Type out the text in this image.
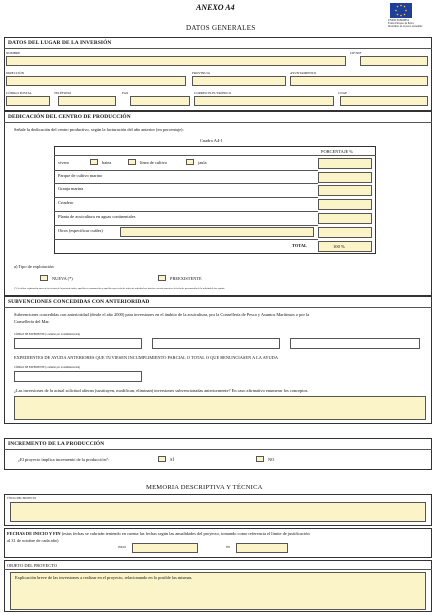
ANEXO A4
DATOS GENERALES
UNIÓN EUROPEA
Fondo Europeo de Pesca
Invertimos en la pesca sostenible
DATOS DEL LUGAR DE LA INVERSIÓN
NOMBRE	CIF/NIF
DIRECCIÓN	PROVINCIA	AYUNTAMIENTO
CÓDIGO POSTAL	TELÉFONO	FAX	CORREO ELECTRÓNICO	CNAE
DEDICACIÓN DEL CENTRO DE PRODUCCIÓN
Señale la dedicación del centro productivo, según la facturación del año anterior (en porcentaje):
Cuadro A4-1
PORCENTAJE %
vivero	batea	línea de cultivo	jaula
Parque de cultivo marino
Granja marina
Criadero
Planta de acuicultura en aguas continentales
Otros (especificar cuáles)
TOTAL	100 %
a) Tipo de explotación:
NUEVA (*)	PREEXISTENTE
(*) Se define explotación nueva a los efectos de la presente orden, aquellas en construcción y aquellas cuya fecha de inicio de actividad sea inferior a un año anterior a la fecha de presentación de la solicitud de las ayudas.
SUBVENCIONES CONCEDIDAS CON ANTERIORIDAD
Subvenciones concedidas con anterioridad (desde el año 2000) para inversiones en el ámbito de la acuicultura, por la Consellería de Pesca y Asuntos Marítimos o por la
Consellería del Mar.
CÓDIGO DE EXPEDIENTE (a rellenar por la Administración)
EXPEDIENTES DE AYUDA ANTERIORES QUE TUVIESEN INCUMPLIMIENTO PARCIAL O TOTAL O QUE RENUNCIASEN A LA AYUDA
CÓDIGO DE EXPEDIENTE (a rellenar por la Administración)
¿Las inversiones de la actual solicitud alteran (sustituyen, modifican, eliminan) inversiones subvencionadas anteriormente? En caso afirmativo enumerar los conceptos.
INCREMENTO DE LA PRODUCCIÓN
¿El proyecto implica incremento de la producción?:	SÍ	NO
MEMORIA DESCRIPTIVA Y TÉCNICA
TÍTULO DEL PROYECTO
FECHAS DE INICIO Y FIN (estas fechas se cubrirán teniendo en cuenta las fechas según las anualidades del proyecto, tomando como referencia el límite de justificación
al 31 de octubre de cada año)
INICIO	FIN
OBJETO DEL PROYECTO
Explicación breve de las inversiones a realizar en el proyecto, relacionando en lo posible las mismas.
